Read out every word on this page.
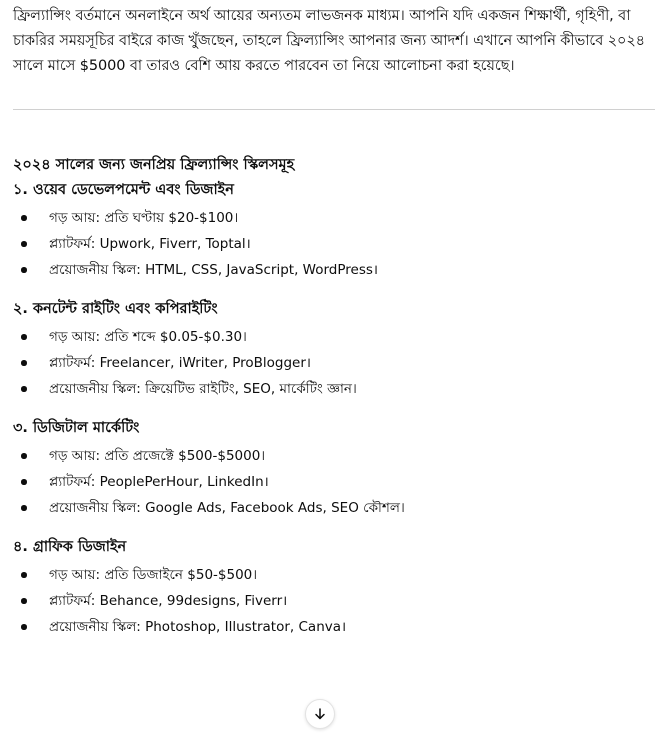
ফ্রিল্যান্সিং বর্তমানে অনলাইনে অর্থ আয়ের অন্যতম লাভজনক মাধ্যম। আপনি যদি একজন শিক্ষার্থী, গৃহিণী, বা চাকরির সময়সূচির বাইরে কাজ খুঁজছেন, তাহলে ফ্রিল্যান্সিং আপনার জন্য আদর্শ। এখানে আপনি কীভাবে ২০২৪ সালে মাসে $5000 বা তারও বেশি আয় করতে পারবেন তা নিয়ে আলোচনা করা হয়েছে।

২০২৪ সালের জন্য জনপ্রিয় ফ্রিল্যান্সিং স্কিলসমূহ
১. ওয়েব ডেভেলপমেন্ট এবং ডিজাইন
গড় আয়: প্রতি ঘণ্টায় $20-$100।
প্ল্যাটফর্ম: Upwork, Fiverr, Toptal।
প্রয়োজনীয় স্কিল: HTML, CSS, JavaScript, WordPress।
২. কনটেন্ট রাইটিং এবং কপিরাইটিং
গড় আয়: প্রতি শব্দে $0.05-$0.30।
প্ল্যাটফর্ম: Freelancer, iWriter, ProBlogger।
প্রয়োজনীয় স্কিল: ক্রিয়েটিভ রাইটিং, SEO, মার্কেটিং জ্ঞান।
৩. ডিজিটাল মার্কেটিং
গড় আয়: প্রতি প্রজেক্টে $500-$5000।
প্ল্যাটফর্ম: PeoplePerHour, LinkedIn।
প্রয়োজনীয় স্কিল: Google Ads, Facebook Ads, SEO কৌশল।
৪. গ্রাফিক ডিজাইন
গড় আয়: প্রতি ডিজাইনে $50-$500।
প্ল্যাটফর্ম: Behance, 99designs, Fiverr।
প্রয়োজনীয় স্কিল: Photoshop, Illustrator, Canva।
